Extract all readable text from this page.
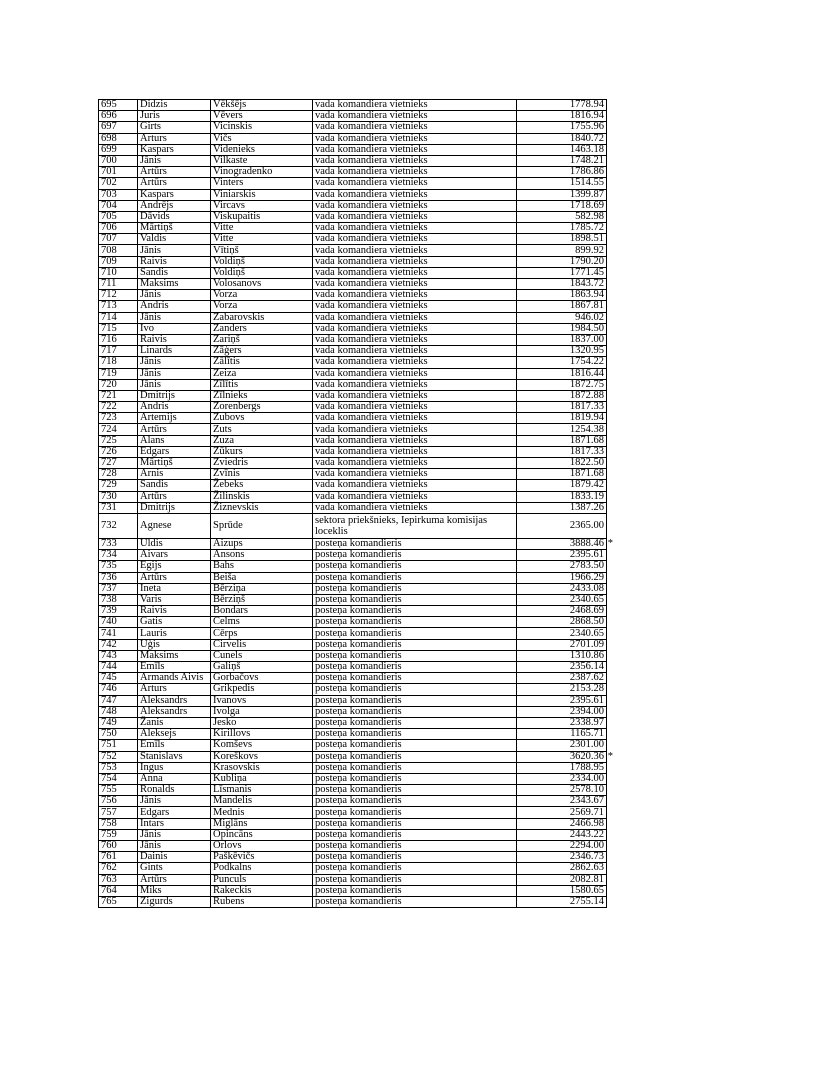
695	Didzis	Vēkšējs	vada komandiera vietnieks	1778.94
696	Juris	Vēvers	vada komandiera vietnieks	1816.94
697	Girts	Vicinskis	vada komandiera vietnieks	1755.96
698	Arturs	Vičs	vada komandiera vietnieks	1840.72
699	Kaspars	Videnieks	vada komandiera vietnieks	1463.18
700	Jānis	Vilkaste	vada komandiera vietnieks	1748.21
701	Artūrs	Vinogradenko	vada komandiera vietnieks	1786.86
702	Artūrs	Vinters	vada komandiera vietnieks	1514.55
703	Kaspars	Viniarskis	vada komandiera vietnieks	1399.87
704	Andrējs	Vircavs	vada komandiera vietnieks	1718.69
705	Dāvids	Viskupaitis	vada komandiera vietnieks	582.98
706	Mārtiņš	Vitte	vada komandiera vietnieks	1785.72
707	Valdis	Vitte	vada komandiera vietnieks	1898.51
708	Jānis	Vītiņš	vada komandiera vietnieks	899.92
709	Raivis	Voldiņš	vada komandiera vietnieks	1790.20
710	Sandis	Voldiņš	vada komandiera vietnieks	1771.45
711	Maksims	Volosanovs	vada komandiera vietnieks	1843.72
712	Jānis	Vorza	vada komandiera vietnieks	1863.94
713	Andris	Vorza	vada komandiera vietnieks	1867.81
714	Jānis	Zabarovskis	vada komandiera vietnieks	946.02
715	Ivo	Zanders	vada komandiera vietnieks	1984.50
716	Raivis	Zariņš	vada komandiera vietnieks	1837.00
717	Linards	Zāģers	vada komandiera vietnieks	1320.95
718	Jānis	Zālītis	vada komandiera vietnieks	1754.22
719	Jānis	Zeiza	vada komandiera vietnieks	1816.44
720	Jānis	Zīlītis	vada komandiera vietnieks	1872.75
721	Dmitrijs	Zīlnieks	vada komandiera vietnieks	1872.88
722	Andris	Zorenbergs	vada komandiera vietnieks	1817.33
723	Artemijs	Zubovs	vada komandiera vietnieks	1819.94
724	Artūrs	Zuts	vada komandiera vietnieks	1254.38
725	Alans	Zuza	vada komandiera vietnieks	1871.68
726	Edgars	Zūkurs	vada komandiera vietnieks	1817.33
727	Mārtiņš	Zviedris	vada komandiera vietnieks	1822.50
728	Arnis	Zvīnis	vada komandiera vietnieks	1871.68
729	Sandis	Žebeks	vada komandiera vietnieks	1879.42
730	Artūrs	Žilinskis	vada komandiera vietnieks	1833.19
731	Dmitrijs	Žiznevskis	vada komandiera vietnieks	1387.26
732	Agnese	Sprūde	sektora priekšnieks, Iepirkuma komisijas loceklis	2365.00
733	Uldis	Aizups	posteņa komandieris	3888.46 *

734	Aivars	Ansons	posteņa komandieris	2395.61
735	Egijs	Bahs	posteņa komandieris	2783.50
736	Artūrs	Beiša	posteņa komandieris	1966.29
737	Ineta	Bērziņa	posteņa komandieris	2433.08
738	Varis	Bērziņš	posteņa komandieris	2340.65
739	Raivis	Bondars	posteņa komandieris	2468.69
740	Gatis	Celms	posteņa komandieris	2868.50
741	Lauris	Cērps	posteņa komandieris	2340.65
742	Uģis	Cirvelis	posteņa komandieris	2701.09
743	Maksims	Cunels	posteņa komandieris	1310.86
744	Emīls	Galiņš	posteņa komandieris	2356.14
745	Armands Aivis	Gorbačovs	posteņa komandieris	2387.62
746	Arturs	Grikpedis	posteņa komandieris	2153.28
747	Aleksandrs	Ivanovs	posteņa komandieris	2395.61
748	Aleksandrs	Ivolga	posteņa komandieris	2394.00
749	Žanis	Jesko	posteņa komandieris	2338.97
750	Aleksejs	Kirillovs	posteņa komandieris	1165.71
751	Emīls	Komševs	posteņa komandieris	2301.00
752	Stanislavs	Koreškovs	posteņa komandieris	3620.36 *

753	Ingus	Krasovskis	posteņa komandieris	1788.95
754	Anna	Kubliņa	posteņa komandieris	2334.00
755	Ronalds	Līsmanis	posteņa komandieris	2578.10
756	Jānis	Mandelis	posteņa komandieris	2343.67
757	Edgars	Mednis	posteņa komandieris	2569.71
758	Intars	Miglāns	posteņa komandieris	2466.98
759	Jānis	Opincāns	posteņa komandieris	2443.22
760	Jānis	Orlovs	posteņa komandieris	2294.00
761	Dainis	Paškēvičs	posteņa komandieris	2346.73
762	Gints	Podkalns	posteņa komandieris	2862.63
763	Artūrs	Punculs	posteņa komandieris	2082.81
764	Miks	Rakeckis	posteņa komandieris	1580.65
765	Zigurds	Rubens	posteņa komandieris	2755.14
